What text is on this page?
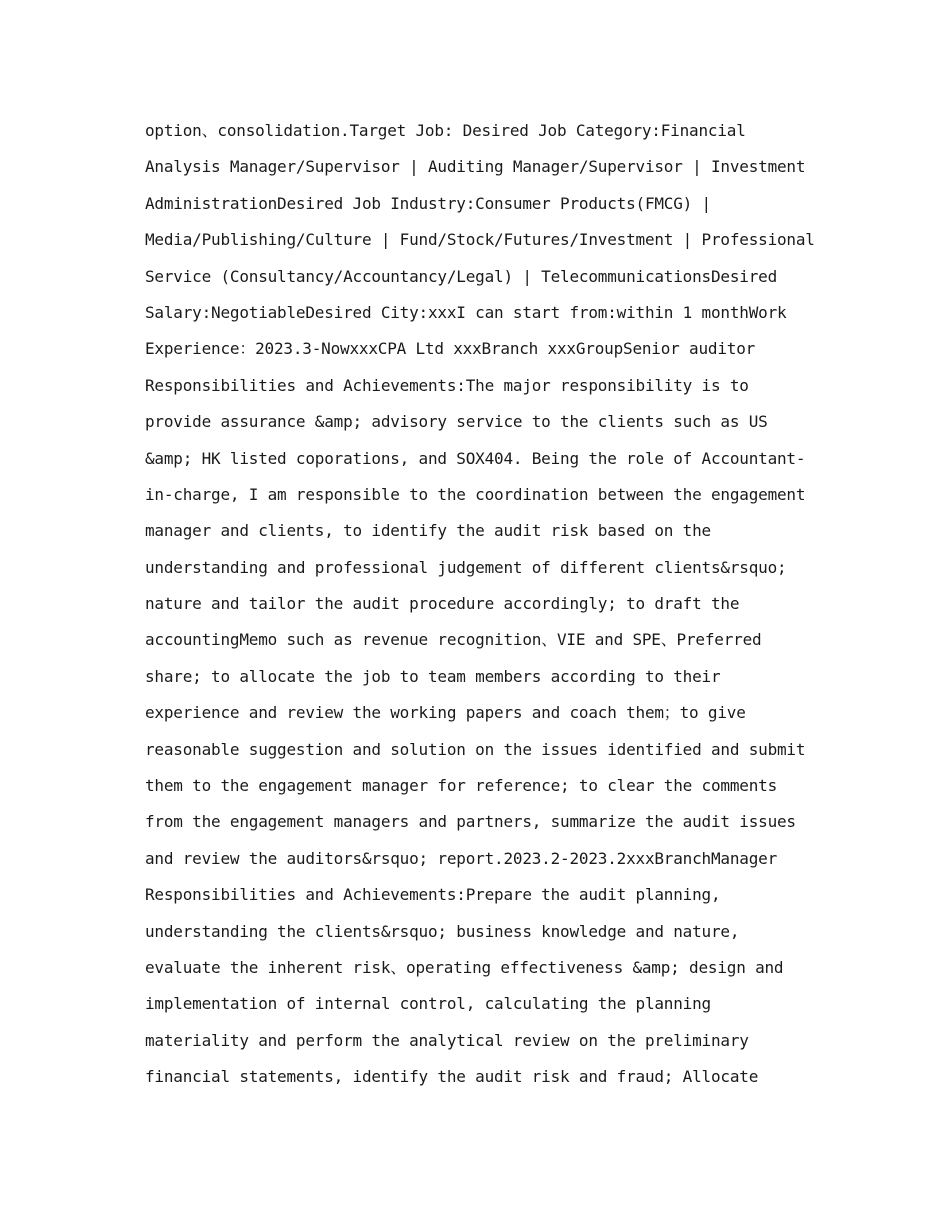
option、consolidation.Target Job: Desired Job Category:Financial
Analysis Manager/Supervisor | Auditing Manager/Supervisor | Investment
AdministrationDesired Job Industry:Consumer Products(FMCG) |
Media/Publishing/Culture | Fund/Stock/Futures/Investment | Professional
Service (Consultancy/Accountancy/Legal) | TelecommunicationsDesired
Salary:NegotiableDesired City:xxxI can start from:within 1 monthWork
Experience：2023.3-NowxxxCPA Ltd xxxBranch xxxGroupSenior auditor
Responsibilities and Achievements:The major responsibility is to
provide assurance &amp; advisory service to the clients such as US
&amp; HK listed coporations, and SOX404. Being the role of Accountant-
in-charge, I am responsible to the coordination between the engagement
manager and clients, to identify the audit risk based on the
understanding and professional judgement of different clients&rsquo;
nature and tailor the audit procedure accordingly; to draft the
accountingMemo such as revenue recognition、VIE and SPE、Preferred
share; to allocate the job to team members according to their
experience and review the working papers and coach them；to give
reasonable suggestion and solution on the issues identified and submit
them to the engagement manager for reference; to clear the comments
from the engagement managers and partners, summarize the audit issues
and review the auditors&rsquo; report.2023.2-2023.2xxxBranchManager
Responsibilities and Achievements:Prepare the audit planning,
understanding the clients&rsquo; business knowledge and nature,
evaluate the inherent risk、operating effectiveness &amp; design and
implementation of internal control, calculating the planning
materiality and perform the analytical review on the preliminary
financial statements, identify the audit risk and fraud; Allocate
